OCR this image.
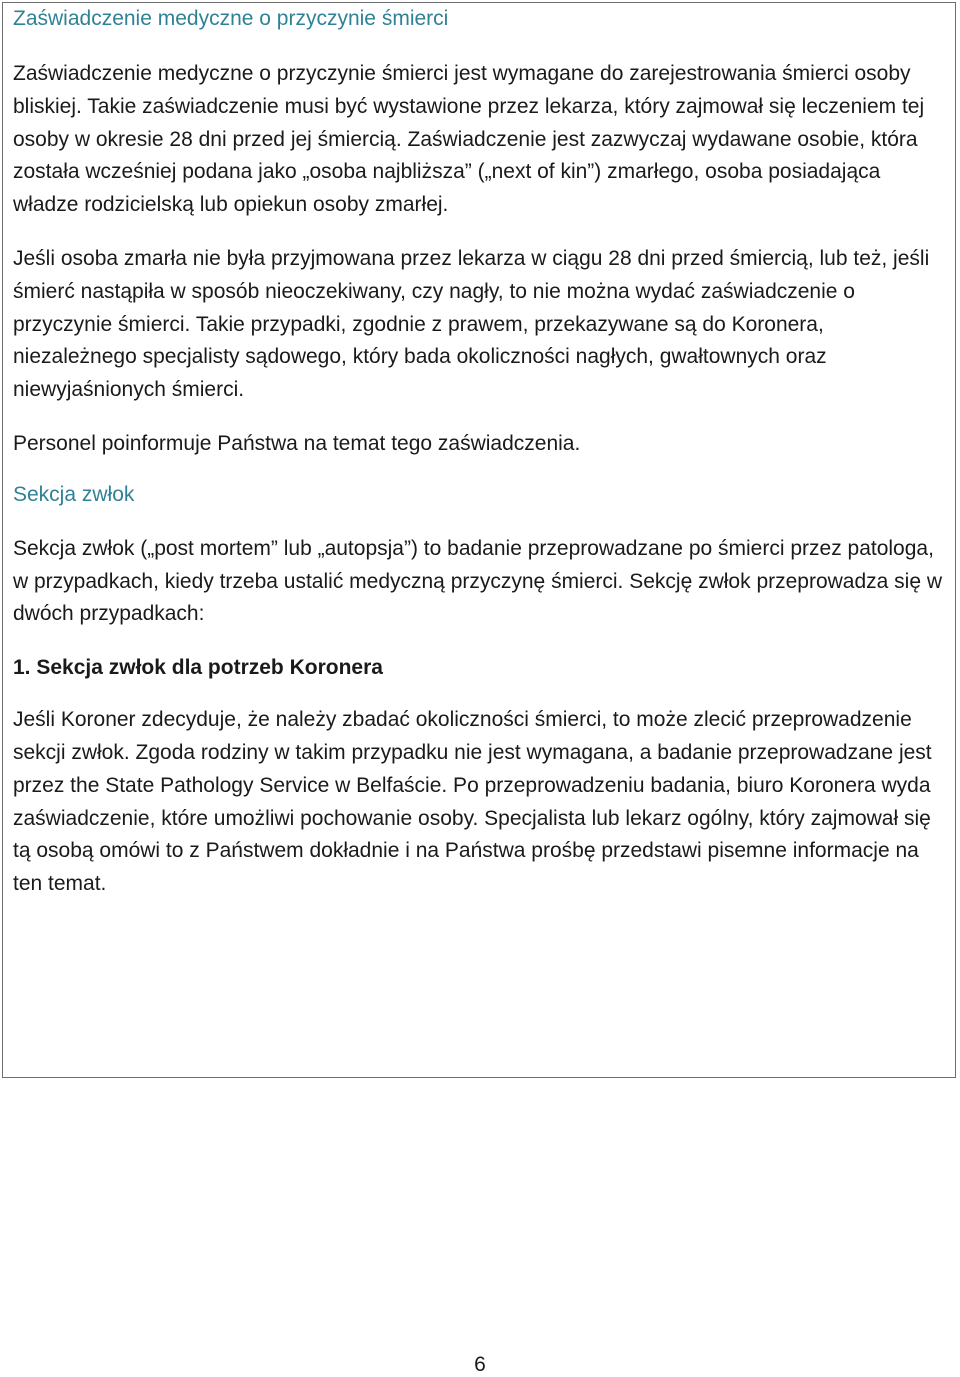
Zaświadczenie medyczne o przyczynie śmierci

Zaświadczenie medyczne o przyczynie śmierci jest wymagane do zarejestrowania śmierci osoby bliskiej. Takie zaświadczenie musi być wystawione przez lekarza, który zajmował się leczeniem tej osoby w okresie 28 dni przed jej śmiercią. Zaświadczenie jest zazwyczaj wydawane osobie, która została wcześniej podana jako „osoba najbliższa” („next of kin”) zmarłego, osoba posiadająca władze rodzicielską lub opiekun osoby zmarłej.

Jeśli osoba zmarła nie była przyjmowana przez lekarza w ciągu 28 dni przed śmiercią, lub też, jeśli śmierć nastąpiła w sposób nieoczekiwany, czy nagły, to nie można wydać zaświadczenie o przyczynie śmierci. Takie przypadki, zgodnie z prawem, przekazywane są do Koronera, niezależnego specjalisty sądowego, który bada okoliczności nagłych, gwałtownych oraz niewyjaśnionych śmierci.

Personel poinformuje Państwa na temat tego zaświadczenia.

Sekcja zwłok

Sekcja zwłok („post mortem” lub „autopsja”) to badanie przeprowadzane po śmierci przez patologa, w przypadkach, kiedy trzeba ustalić medyczną przyczynę śmierci. Sekcję zwłok przeprowadza się w dwóch przypadkach:

1. Sekcja zwłok dla potrzeb Koronera

Jeśli Koroner zdecyduje, że należy zbadać okoliczności śmierci, to może zlecić przeprowadzenie sekcji zwłok. Zgoda rodziny w takim przypadku nie jest wymagana, a badanie przeprowadzane jest przez the State Pathology Service w Belfaście. Po przeprowadzeniu badania, biuro Koronera wyda zaświadczenie, które umożliwi pochowanie osoby. Specjalista lub lekarz ogólny, który zajmował się tą osobą omówi to z Państwem dokładnie i na Państwa prośbę przedstawi pisemne informacje na ten temat.

6
